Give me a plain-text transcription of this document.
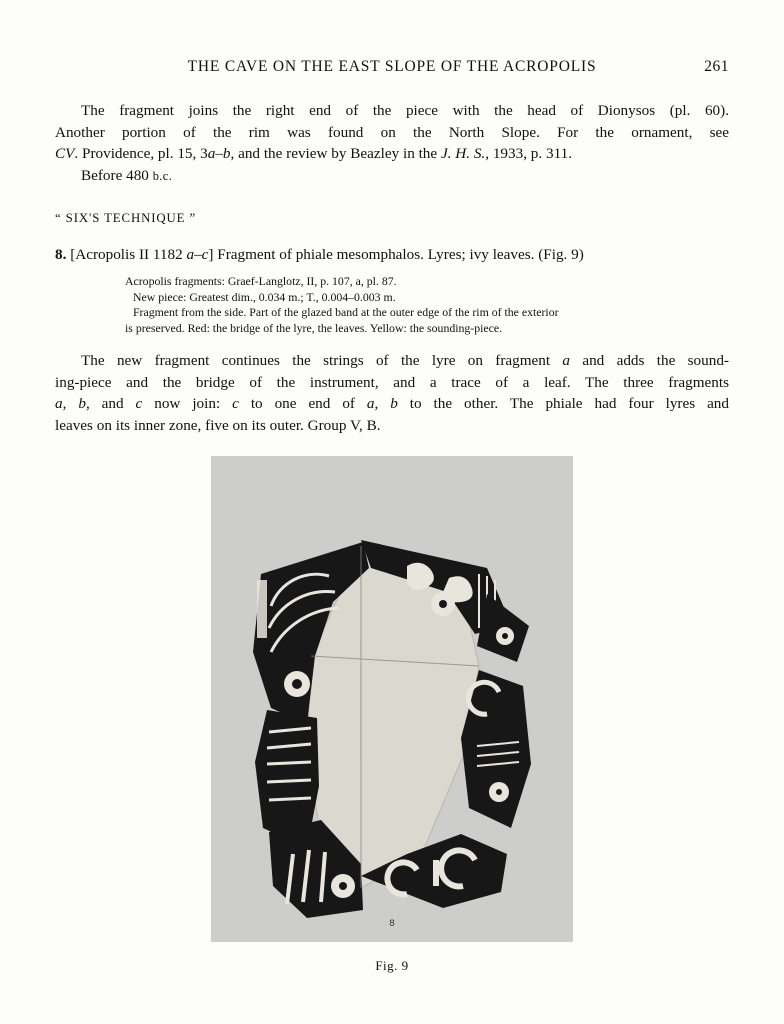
THE CAVE ON THE EAST SLOPE OF THE ACROPOLIS	261

The fragment joins the right end of the piece with the head of Dionysos (pl. 60).
Another portion of the rim was found on the North Slope. For the ornament, see
CV. Providence, pl. 15, 3a–b, and the review by Beazley in the J. H. S., 1933, p. 311.

Before 480 b.c.

“ SIX'S TECHNIQUE ”
8. [Acropolis II 1182 a–c] Fragment of phiale mesomphalos. Lyres; ivy leaves. (Fig. 9)
Acropolis fragments: Graef-Langlotz, II, p. 107, a, pl. 87.
New piece: Greatest dim., 0.034 m.; T., 0.004–0.003 m.
Fragment from the side. Part of the glazed band at the outer edge of the rim of the exterior
is preserved. Red: the bridge of the lyre, the leaves. Yellow: the sounding-piece.

The new fragment continues the strings of the lyre on fragment a and adds the sound-
ing-piece and the bridge of the instrument, and a trace of a leaf. The three fragments
a, b, and c now join: c to one end of a, b to the other. The phiale had four lyres and
leaves on its inner zone, five on its outer. Group V, B.

8
Fig. 9
